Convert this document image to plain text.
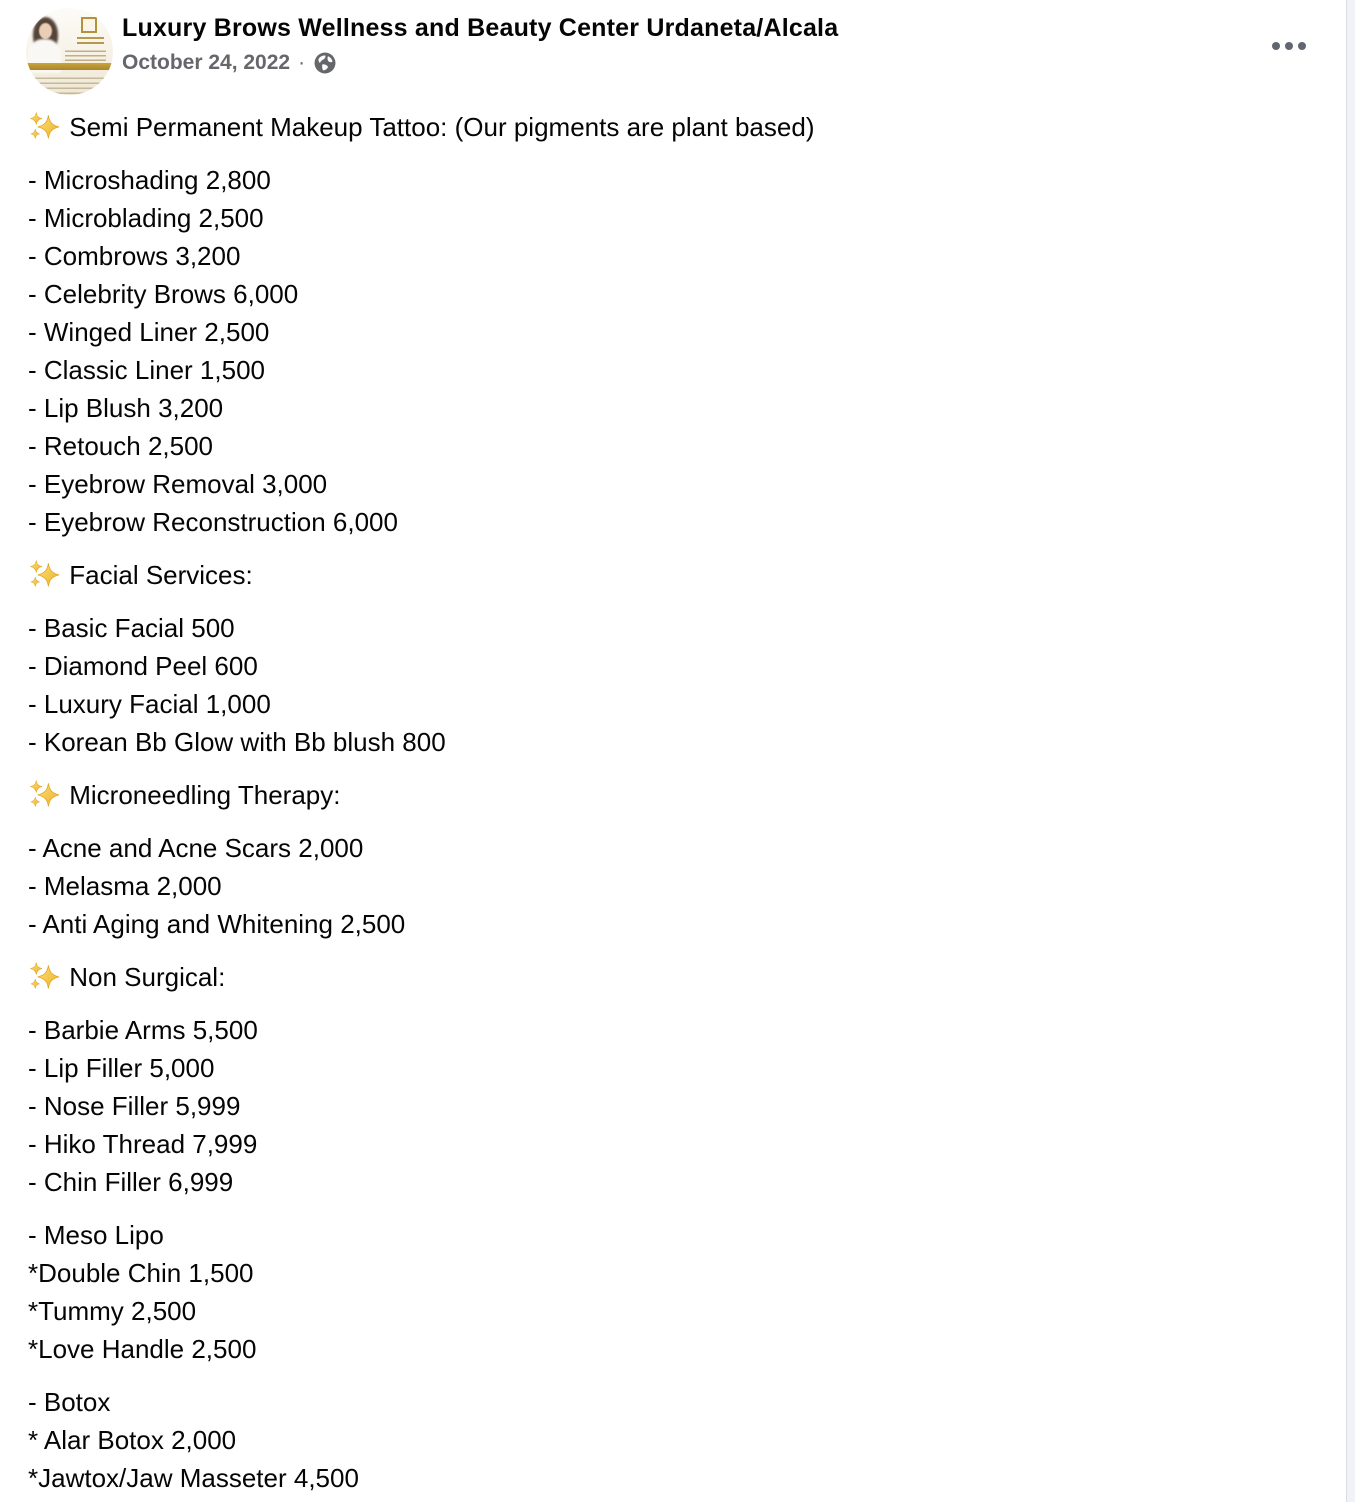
Luxury Brows Wellness and Beauty Center Urdaneta/Alcala
October 24, 2022 ·
Semi Permanent Makeup Tattoo: (Our pigments are plant based)
- Microshading 2,800
- Microblading 2,500
- Combrows 3,200
- Celebrity Brows 6,000
- Winged Liner 2,500
- Classic Liner 1,500
- Lip Blush 3,200
- Retouch 2,500
- Eyebrow Removal 3,000
- Eyebrow Reconstruction 6,000
Facial Services:
- Basic Facial 500
- Diamond Peel 600
- Luxury Facial 1,000
- Korean Bb Glow with Bb blush 800
Microneedling Therapy:
- Acne and Acne Scars 2,000
- Melasma 2,000
- Anti Aging and Whitening 2,500
Non Surgical:
- Barbie Arms 5,500
- Lip Filler 5,000
- Nose Filler 5,999
- Hiko Thread 7,999
- Chin Filler 6,999
- Meso Lipo
*Double Chin 1,500
*Tummy 2,500
*Love Handle 2,500
- Botox
* Alar Botox 2,000
*Jawtox/Jaw Masseter 4,500
